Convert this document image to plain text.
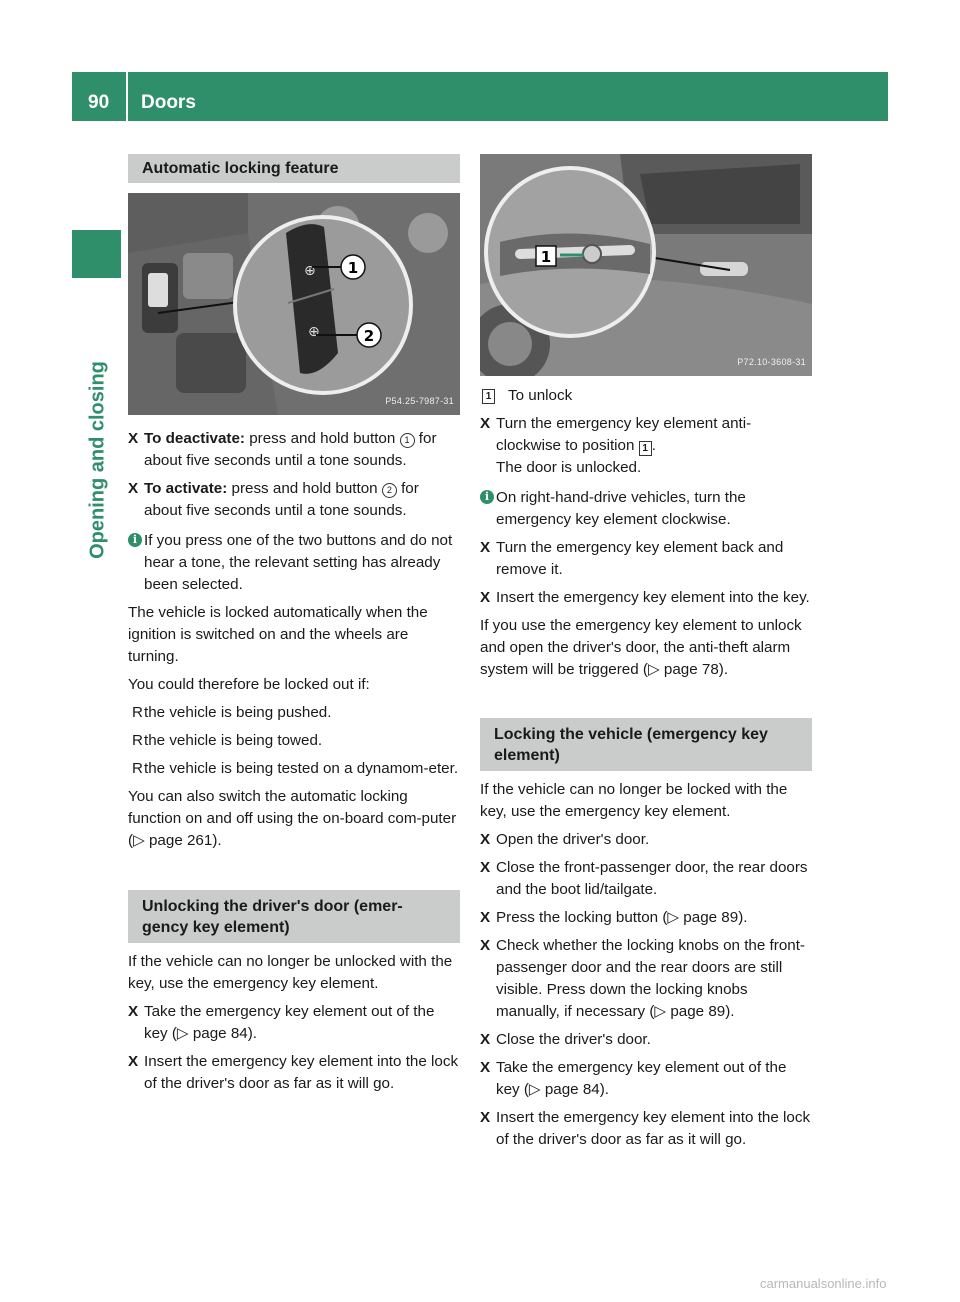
90 Doors
Opening and closing
Automatic locking feature
⊕
⊕
1
2
P54.25-7987-31
X To deactivate: press and hold button 1 for about five seconds until a tone sounds.
X To activate: press and hold button 2 for about five seconds until a tone sounds.
i If you press one of the two buttons and do not hear a tone, the relevant setting has already been selected.

The vehicle is locked automatically when the ignition is switched on and the wheels are turning.

You could therefore be locked out if:

R the vehicle is being pushed.
R the vehicle is being towed.
R the vehicle is being tested on a dynamom-eter.

You can also switch the automatic locking function on and off using the on-board com-puter (▷ page 261).

Unlocking the driver's door (emer-gency key element)

If the vehicle can no longer be unlocked with the key, use the emergency key element.

X Take the emergency key element out of the key (▷ page 84).
X Insert the emergency key element into the lock of the driver's door as far as it will go.
1
P72.10-3608-31
1 To unlock
X Turn the emergency key element anti-clockwise to position 1 .
The door is unlocked.
i On right-hand-drive vehicles, turn the emergency key element clockwise.
X Turn the emergency key element back and remove it.
X Insert the emergency key element into the key.

If you use the emergency key element to unlock and open the driver's door, the anti-theft alarm system will be triggered (▷ page 78).

Locking the vehicle (emergency key element)

If the vehicle can no longer be locked with the key, use the emergency key element.

X Open the driver's door.
X Close the front-passenger door, the rear doors and the boot lid/tailgate.
X Press the locking button (▷ page 89).
X Check whether the locking knobs on the front-passenger door and the rear doors are still visible. Press down the locking knobs manually, if necessary (▷ page 89).
X Close the driver's door.
X Take the emergency key element out of the key (▷ page 84).
X Insert the emergency key element into the lock of the driver's door as far as it will go.
carmanualsonline.info
